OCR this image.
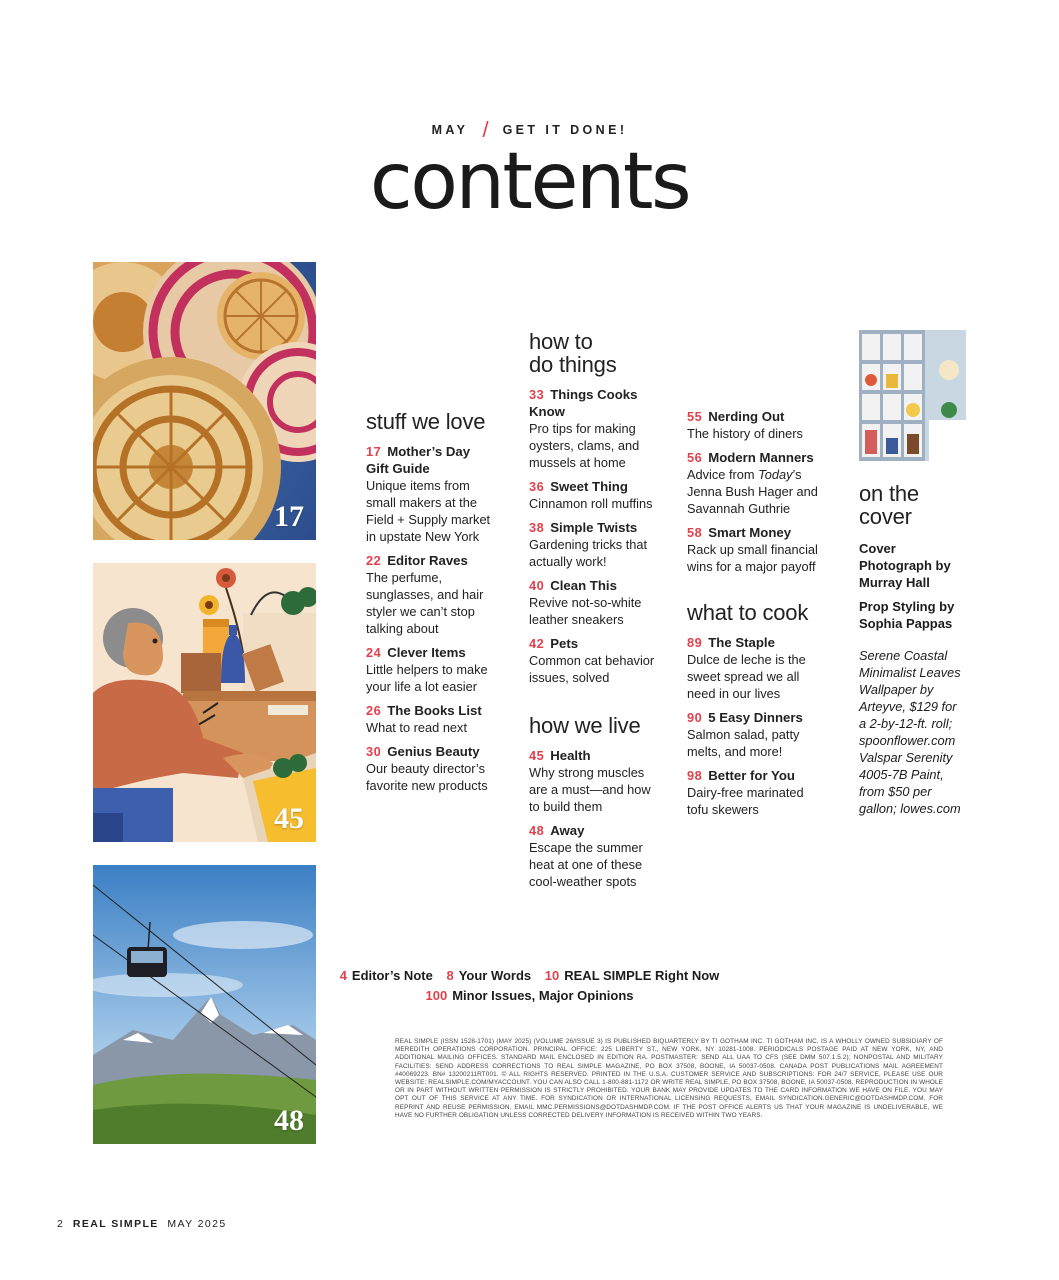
MAY / GET IT DONE!
contents
17
45
48
stuff we love
17 Mother’s Day Gift Guide
Unique items from small makers at the Field + Supply market in upstate New York
22 Editor Raves
The perfume, sunglasses, and hair styler we can’t stop talking about
24 Clever Items
Little helpers to make your life a lot easier
26 The Books List
What to read next
30 Genius Beauty
Our beauty director’s favorite new products
how to
do things
33 Things Cooks Know
Pro tips for making oysters, clams, and mussels at home
36 Sweet Thing
Cinnamon roll muffins
38 Simple Twists
Gardening tricks that actually work!
40 Clean This
Revive not-so-white leather sneakers
42 Pets
Common cat behavior issues, solved
how we live
45 Health
Why strong muscles are a must—and how to build them
48 Away
Escape the summer heat at one of these cool-weather spots
55 Nerding Out
The history of diners
56 Modern Manners
Advice from Today’s Jenna Bush Hager and Savannah Guthrie
58 Smart Money
Rack up small financial wins for a major payoff
what to cook
89 The Staple
Dulce de leche is the sweet spread we all need in our lives
90 5 Easy Dinners
Salmon salad, patty melts, and more!
98 Better for You
Dairy-free marinated tofu skewers
on the
cover
Cover Photograph by Murray Hall
Prop Styling by Sophia Pappas
Serene Coastal Minimalist Leaves Wallpaper by Arteyve, $129 for a 2-by-12-ft. roll; spoonflower.com Valspar Serenity 4005-7B Paint, from $50 per gallon; lowes.com
4 Editor’s Note 8 Your Words 10 REAL SIMPLE Right Now
100 Minor Issues, Major Opinions
REAL SIMPLE (ISSN 1528-1701) (MAY 2025) (VOLUME 26/ISSUE 3) IS PUBLISHED BIQUARTERLY BY TI GOTHAM INC. TI GOTHAM INC. IS A WHOLLY OWNED SUBSIDIARY OF MEREDITH OPERATIONS CORPORATION. PRINCIPAL OFFICE: 225 LIBERTY ST., NEW YORK, NY 10281-1008. PERIODICALS POSTAGE PAID AT NEW YORK, NY, AND ADDITIONAL MAILING OFFICES. STANDARD MAIL ENCLOSED IN EDITION RA. POSTMASTER: SEND ALL UAA TO CFS (SEE DMM 507.1.5.2); NONPOSTAL AND MILITARY FACILITIES: SEND ADDRESS CORRECTIONS TO REAL SIMPLE MAGAZINE, PO BOX 37508, BOONE, IA 50037-0508. CANADA POST PUBLICATIONS MAIL AGREEMENT #40069223. BN# 13200211RT001. © ALL RIGHTS RESERVED. PRINTED IN THE U.S.A. CUSTOMER SERVICE AND SUBSCRIPTIONS: FOR 24/7 SERVICE, PLEASE USE OUR WEBSITE: REALSIMPLE.COM/MYACCOUNT. YOU CAN ALSO CALL 1-800-881-1172 OR WRITE REAL SIMPLE, PO BOX 37508, BOONE, IA 50037-0508. REPRODUCTION IN WHOLE OR IN PART WITHOUT WRITTEN PERMISSION IS STRICTLY PROHIBITED. YOUR BANK MAY PROVIDE UPDATES TO THE CARD INFORMATION WE HAVE ON FILE. YOU MAY OPT OUT OF THIS SERVICE AT ANY TIME. FOR SYNDICATION OR INTERNATIONAL LICENSING REQUESTS, EMAIL SYNDICATION.GENERIC@DOTDASHMDP.COM. FOR REPRINT AND REUSE PERMISSION, EMAIL MMC.PERMISSIONS@DOTDASHMDP.COM. IF THE POST OFFICE ALERTS US THAT YOUR MAGAZINE IS UNDELIVERABLE, WE HAVE NO FURTHER OBLIGATION UNLESS CORRECTED DELIVERY INFORMATION IS RECEIVED WITHIN TWO YEARS.
2 REAL SIMPLE MAY 2025
